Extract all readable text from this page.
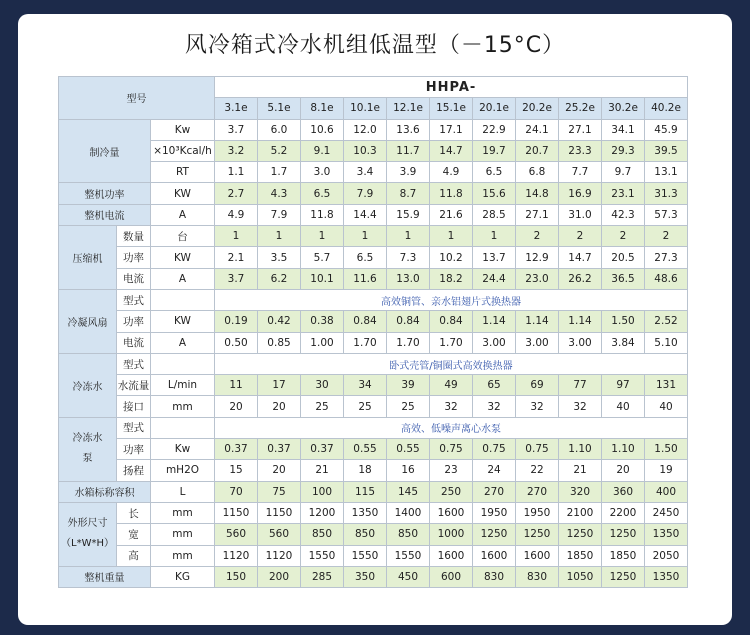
风冷箱式冷水机组低温型（－15°C）
型号			HHPA-										
			3.1e	5.1e	8.1e	10.1e	12.1e	15.1e	20.1e	20.2e	25.2e	30.2e	40.2e
制冷量		Kw	3.7	6.0	10.6	12.0	13.6	17.1	22.9	24.1	27.1	34.1	45.9
		×10³Kcal/h	3.2	5.2	9.1	10.3	11.7	14.7	19.7	20.7	23.3	29.3	39.5
		RT	1.1	1.7	3.0	3.4	3.9	4.9	6.5	6.8	7.7	9.7	13.1
整机功率		KW	2.7	4.3	6.5	7.9	8.7	11.8	15.6	14.8	16.9	23.1	31.3
整机电流		A	4.9	7.9	11.8	14.4	15.9	21.6	28.5	27.1	31.0	42.3	57.3
压缩机	数量	台	1	1	1	1	1	1	1	2	2	2	2
	功率	KW	2.1	3.5	5.7	6.5	7.3	10.2	13.7	12.9	14.7	20.5	27.3
	电流	A	3.7	6.2	10.1	11.6	13.0	18.2	24.4	23.0	26.2	36.5	48.6
冷凝风扇	型式		高效铜管、亲水铝翅片式换热器										
	功率	KW	0.19	0.42	0.38	0.84	0.84	0.84	1.14	1.14	1.14	1.50	2.52
	电流	A	0.50	0.85	1.00	1.70	1.70	1.70	3.00	3.00	3.00	3.84	5.10
冷冻水	型式		卧式壳管/铜圈式高效换热器										
	水流量	L/min	11	17	30	34	39	49	65	69	77	97	131
	接口	mm	20	20	25	25	25	32	32	32	32	40	40
冷冻水泵	型式		高效、低噪声离心水泵										
	功率	Kw	0.37	0.37	0.37	0.55	0.55	0.75	0.75	0.75	1.10	1.10	1.50
	扬程	mH2O	15	20	21	18	16	23	24	22	21	20	19
水箱标称容积		L	70	75	100	115	145	250	270	270	320	360	400
外形尺寸（L*W*H）	长	mm	1150	1150	1200	1350	1400	1600	1950	1950	2100	2200	2450
	宽	mm	560	560	850	850	850	1000	1250	1250	1250	1250	1350
	高	mm	1120	1120	1550	1550	1550	1600	1600	1600	1850	1850	2050
整机重量		KG	150	200	285	350	450	600	830	830	1050	1250	1350
